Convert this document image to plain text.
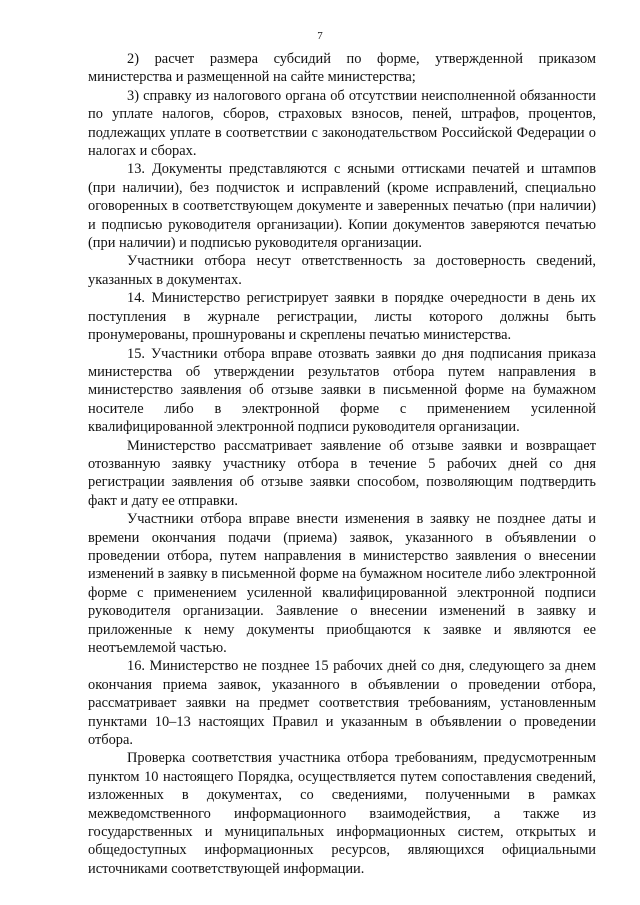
7

2) расчет размера субсидий по форме, утвержденной приказом министерства и размещенной на сайте министерства;

3) справку из налогового органа об отсутствии неисполненной обязанности по уплате налогов, сборов, страховых взносов, пеней, штрафов, процентов, подлежащих уплате в соответствии с законодательством Российской Федерации о налогах и сборах.

13. Документы представляются с ясными оттисками печатей и штампов (при наличии), без подчисток и исправлений (кроме исправлений, специально оговоренных в соответствующем документе и заверенных печатью (при наличии) и подписью руководителя организации). Копии документов заверяются печатью (при наличии) и подписью руководителя организации.

Участники отбора несут ответственность за достоверность сведений, указанных в документах.

14. Министерство регистрирует заявки в порядке очередности в день их поступления в журнале регистрации, листы которого должны быть пронумерованы, прошнурованы и скреплены печатью министерства.

15. Участники отбора вправе отозвать заявки до дня подписания приказа министерства об утверждении результатов отбора путем направления в министерство заявления об отзыве заявки в письменной форме на бумажном носителе либо в электронной форме с применением усиленной квалифицированной электронной подписи руководителя организации.

Министерство рассматривает заявление об отзыве заявки и возвращает отозванную заявку участнику отбора в течение 5 рабочих дней со дня регистрации заявления об отзыве заявки способом, позволяющим подтвердить факт и дату ее отправки.

Участники отбора вправе внести изменения в заявку не позднее даты и времени окончания подачи (приема) заявок, указанного в объявлении о проведении отбора, путем направления в министерство заявления о внесении изменений в заявку в письменной форме на бумажном носителе либо электронной форме с применением усиленной квалифицированной электронной подписи руководителя организации. Заявление о внесении изменений в заявку и приложенные к нему документы приобщаются к заявке и являются ее неотъемлемой частью.

16. Министерство не позднее 15 рабочих дней со дня, следующего за днем окончания приема заявок, указанного в объявлении о проведении отбора, рассматривает заявки на предмет соответствия требованиям, установленным пунктами 10–13 настоящих Правил и указанным в объявлении о проведении отбора.

Проверка соответствия участника отбора требованиям, предусмотренным пунктом 10 настоящего Порядка, осуществляется путем сопоставления сведений, изложенных в документах, со сведениями, полученными в рамках межведомственного информационного взаимодействия, а также из государственных и муниципальных информационных систем, открытых и общедоступных информационных ресурсов, являющихся официальными источниками соответствующей информации.
